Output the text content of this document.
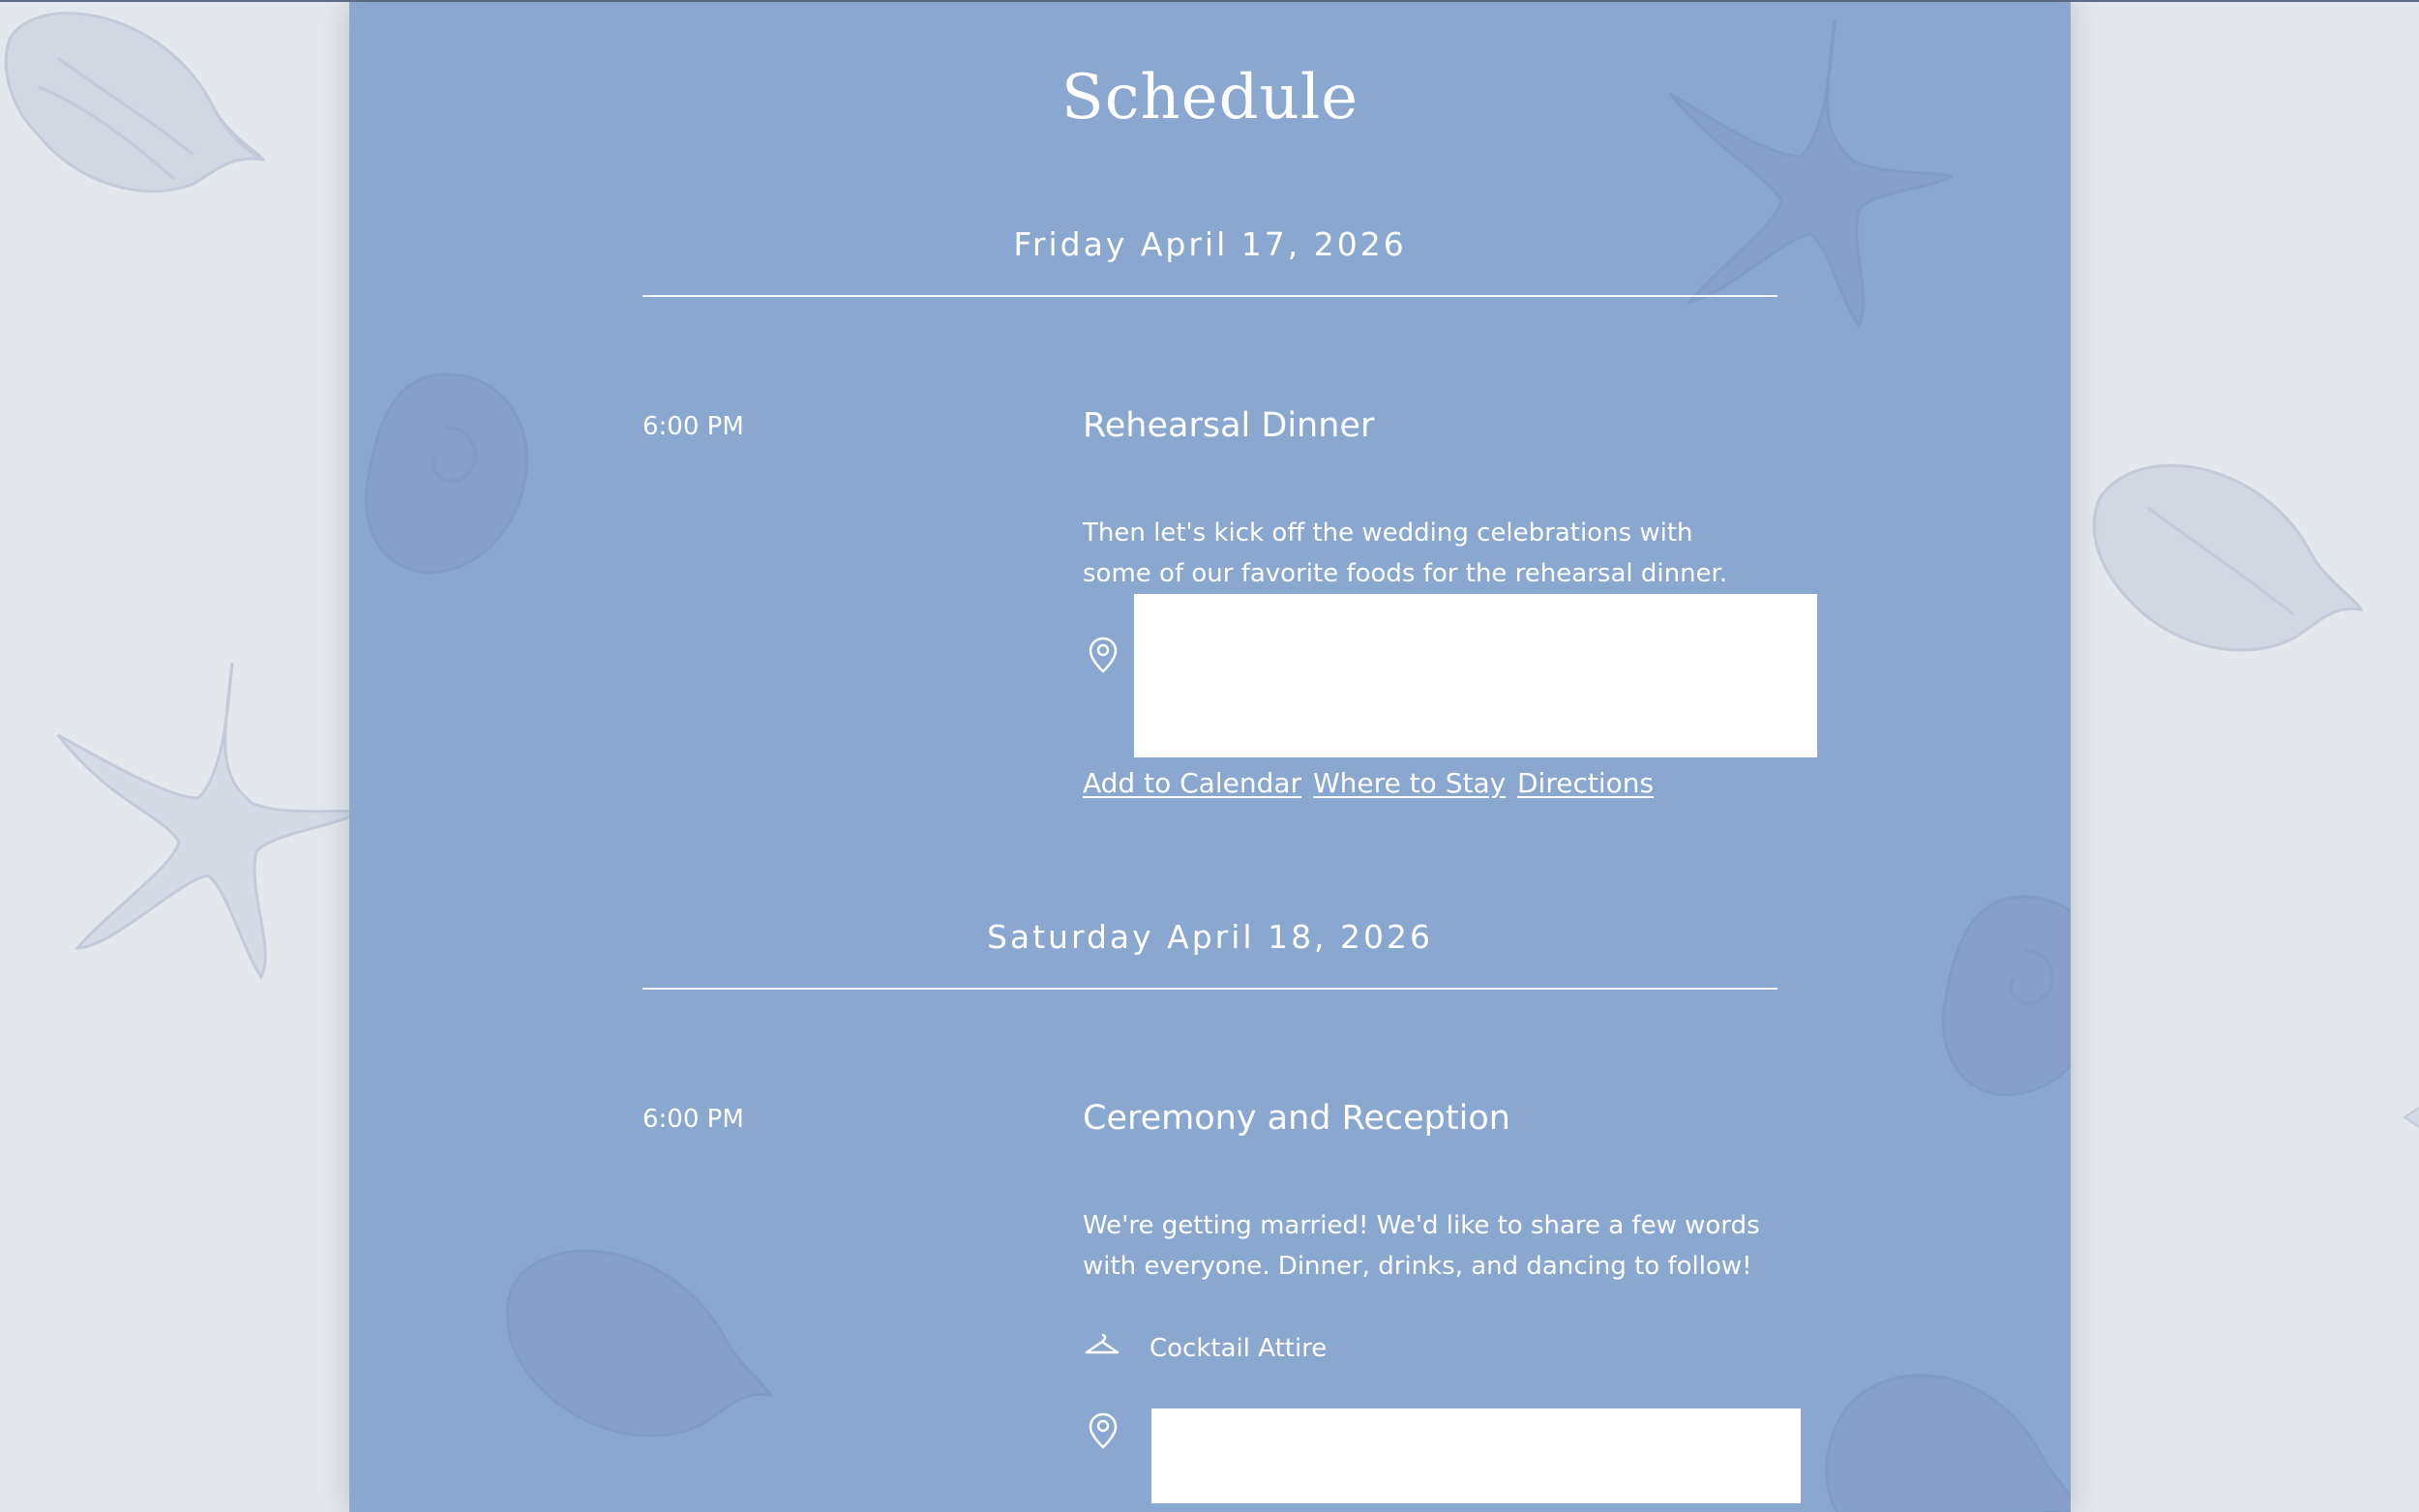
Schedule
Friday April 17, 2026
6:00 PM	Rehearsal Dinner
Then let's kick off the wedding celebrations with some of our favorite foods for the rehearsal dinner.
Add to Calendar Where to Stay Directions
Saturday April 18, 2026
6:00 PM	Ceremony and Reception
We're getting married! We'd like to share a few words with everyone. Dinner, drinks, and dancing to follow!
Cocktail Attire
